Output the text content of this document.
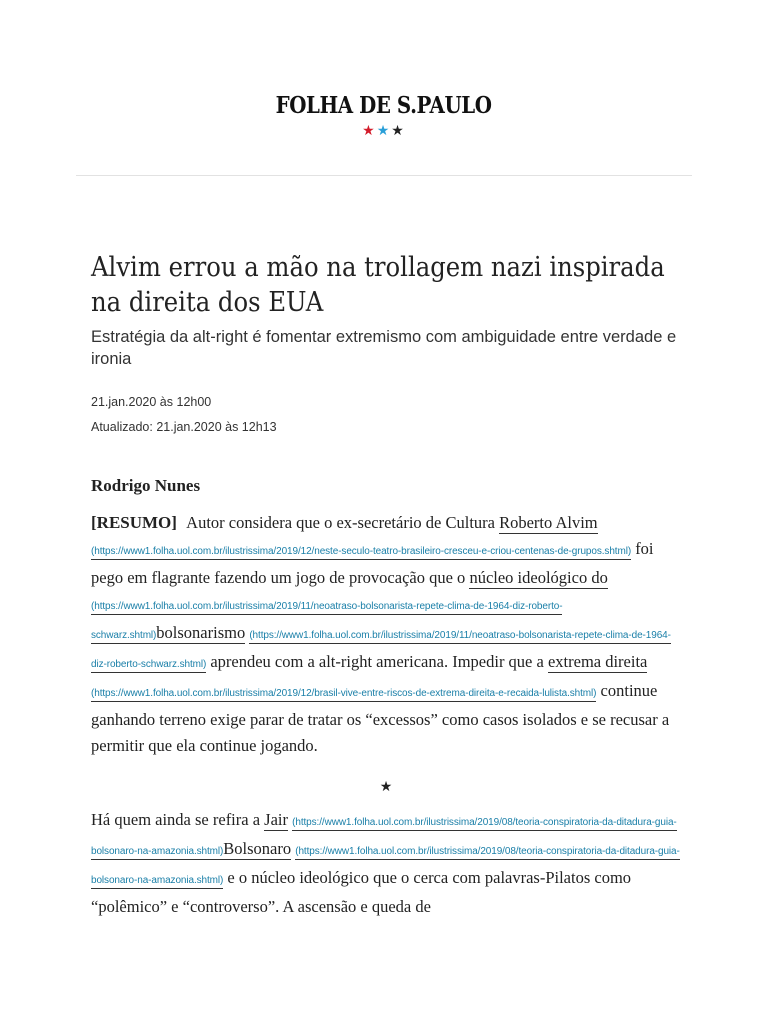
FOLHA DE S.PAULO
★★★
Alvim errou a mão na trollagem nazi inspirada na direita dos EUA

Estratégia da alt-right é fomentar extremismo com ambiguidade entre verdade e ironia

21.jan.2020 às 12h00
Atualizado: 21.jan.2020 às 12h13
Rodrigo Nunes
[RESUMO] Autor considera que o ex-secretário de Cultura Roberto Alvim (https://www1.folha.uol.com.br/ilustrissima/2019/12/neste-seculo-teatro-brasileiro-cresceu-e-criou-centenas-de-grupos.shtml) foi pego em flagrante fazendo um jogo de provocação que o núcleo ideológico do (https://www1.folha.uol.com.br/ilustrissima/2019/11/neoatraso-bolsonarista-repete-clima-de-1964-diz-roberto-schwarz.shtml)bolsonarismo (https://www1.folha.uol.com.br/ilustrissima/2019/11/neoatraso-bolsonarista-repete-clima-de-1964-diz-roberto-schwarz.shtml) aprendeu com a alt-right americana. Impedir que a extrema direita (https://www1.folha.uol.com.br/ilustrissima/2019/12/brasil-vive-entre-riscos-de-extrema-direita-e-recaida-lulista.shtml) continue ganhando terreno exige parar de tratar os “excessos” como casos isolados e se recusar a permitir que ela continue jogando.
★
Há quem ainda se refira a Jair (https://www1.folha.uol.com.br/ilustrissima/2019/08/teoria-conspiratoria-da-ditadura-guia-bolsonaro-na-amazonia.shtml)Bolsonaro (https://www1.folha.uol.com.br/ilustrissima/2019/08/teoria-conspiratoria-da-ditadura-guia-bolsonaro-na-amazonia.shtml) e o núcleo ideológico que o cerca com palavras-Pilatos como “polêmico” e “controverso”. A ascensão e queda de
